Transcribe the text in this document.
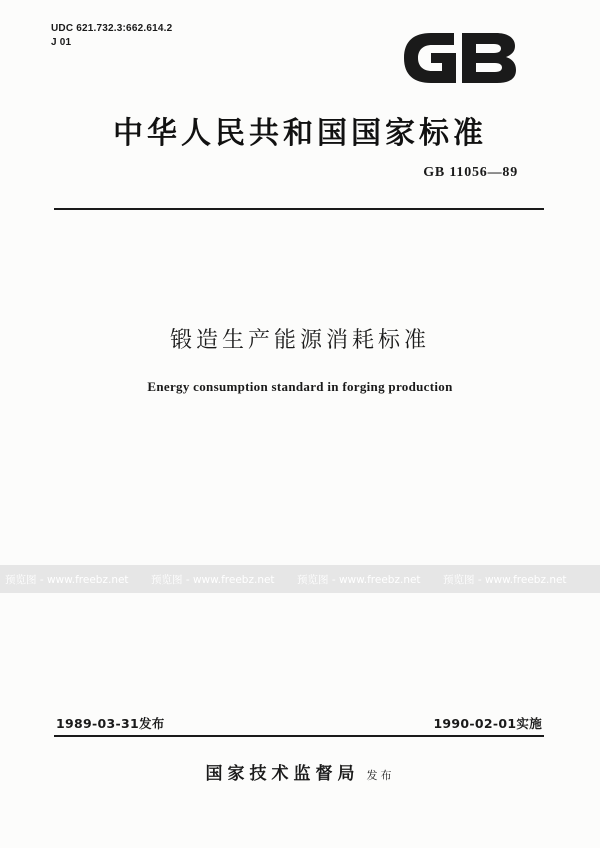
UDC 621.732.3:662.614.2
J 01
中华人民共和国国家标准
GB 11056—89
锻造生产能源消耗标准
Energy consumption standard in forging production
预览图 - www.freebz.net	预览图 - www.freebz.net	预览图 - www.freebz.net	预览图 - www.freebz.net
1989-03-31发布	1990-02-01实施
国家技术监督局 发布
